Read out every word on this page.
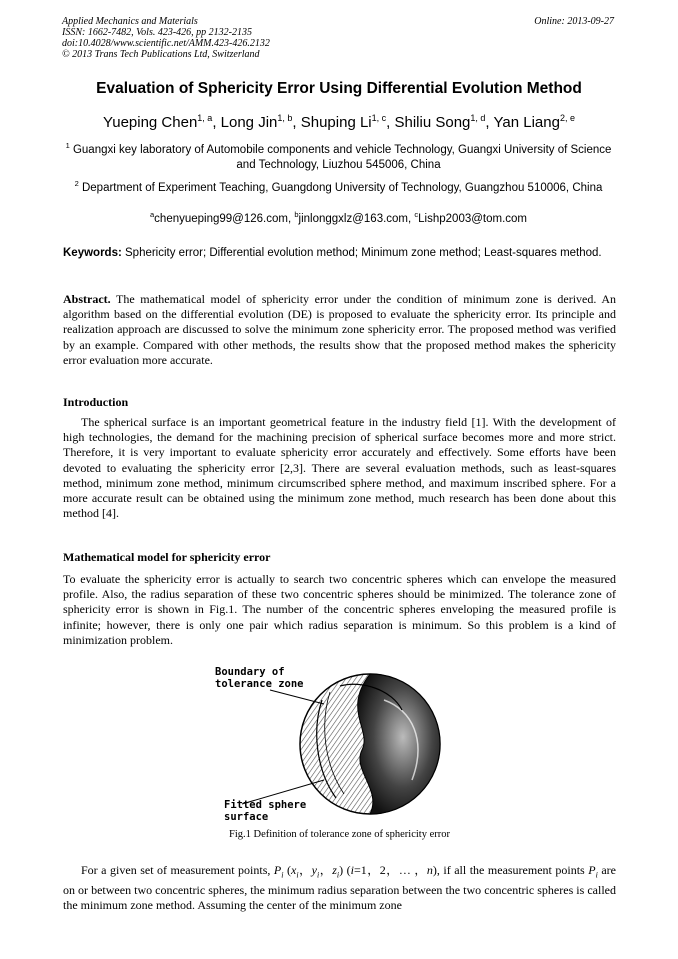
Applied Mechanics and Materials
ISSN: 1662-7482, Vols. 423-426, pp 2132-2135
doi:10.4028/www.scientific.net/AMM.423-426.2132
© 2013 Trans Tech Publications Ltd, Switzerland
Online: 2013-09-27
Evaluation of Sphericity Error Using Differential Evolution Method
Yueping Chen$^{1, a}$, Long Jin$^{1, b}$, Shuping Li$^{1, c}$, Shiliu Song$^{1, d}$, Yan Liang$^{2, e}$
$^1$ Guangxi key laboratory of Automobile components and vehicle Technology, Guangxi University of Science and Technology, Liuzhou 545006, China
$^2$ Department of Experiment Teaching, Guangdong University of Technology, Guangzhou 510006, China
$^a$chenyueping99@126.com, $^b$jinlonggxlz@163.com, $^c$Lishp2003@tom.com
Keywords: Sphericity error; Differential evolution method; Minimum zone method; Least-squares method.
Abstract. The mathematical model of sphericity error under the condition of minimum zone is derived. An algorithm based on the differential evolution (DE) is proposed to evaluate the sphericity error. Its principle and realization approach are discussed to solve the minimum zone sphericity error. The proposed method was verified by an example. Compared with other methods, the results show that the proposed method makes the sphericity error evaluation more accurate.
Introduction
The spherical surface is an important geometrical feature in the industry field [1]. With the development of high technologies, the demand for the machining precision of spherical surface becomes more and more strict. Therefore, it is very important to evaluate sphericity error accurately and effectively. Some efforts have been devoted to evaluating the sphericity error [2,3]. There are several evaluation methods, such as least-squares method, minimum zone method, minimum circumscribed sphere method, and maximum inscribed sphere. For a more accurate result can be obtained using the minimum zone method, much research has been done about this method [4].
Mathematical model for sphericity error
To evaluate the sphericity error is actually to search two concentric spheres which can envelope the measured profile. Also, the radius separation of these two concentric spheres should be minimized. The tolerance zone of sphericity error is shown in Fig.1. The number of the concentric spheres enveloping the measured profile is infinite; however, there is only one pair which radius separation is minimum. So this problem is a kind of minimization problem.
Boundary of
tolerance zone
Fitted sphere
surface
Fig.1 Definition of tolerance zone of sphericity error
For a given set of measurement points, $P_i$ ($x_i$，$y_i$，$z_i$) (i=1，2，… ，n), if all the measurement points $P_i$ are on or between two concentric spheres, the minimum radius separation between the two concentric spheres is called the minimum zone method. Assuming the center of the minimum zone
